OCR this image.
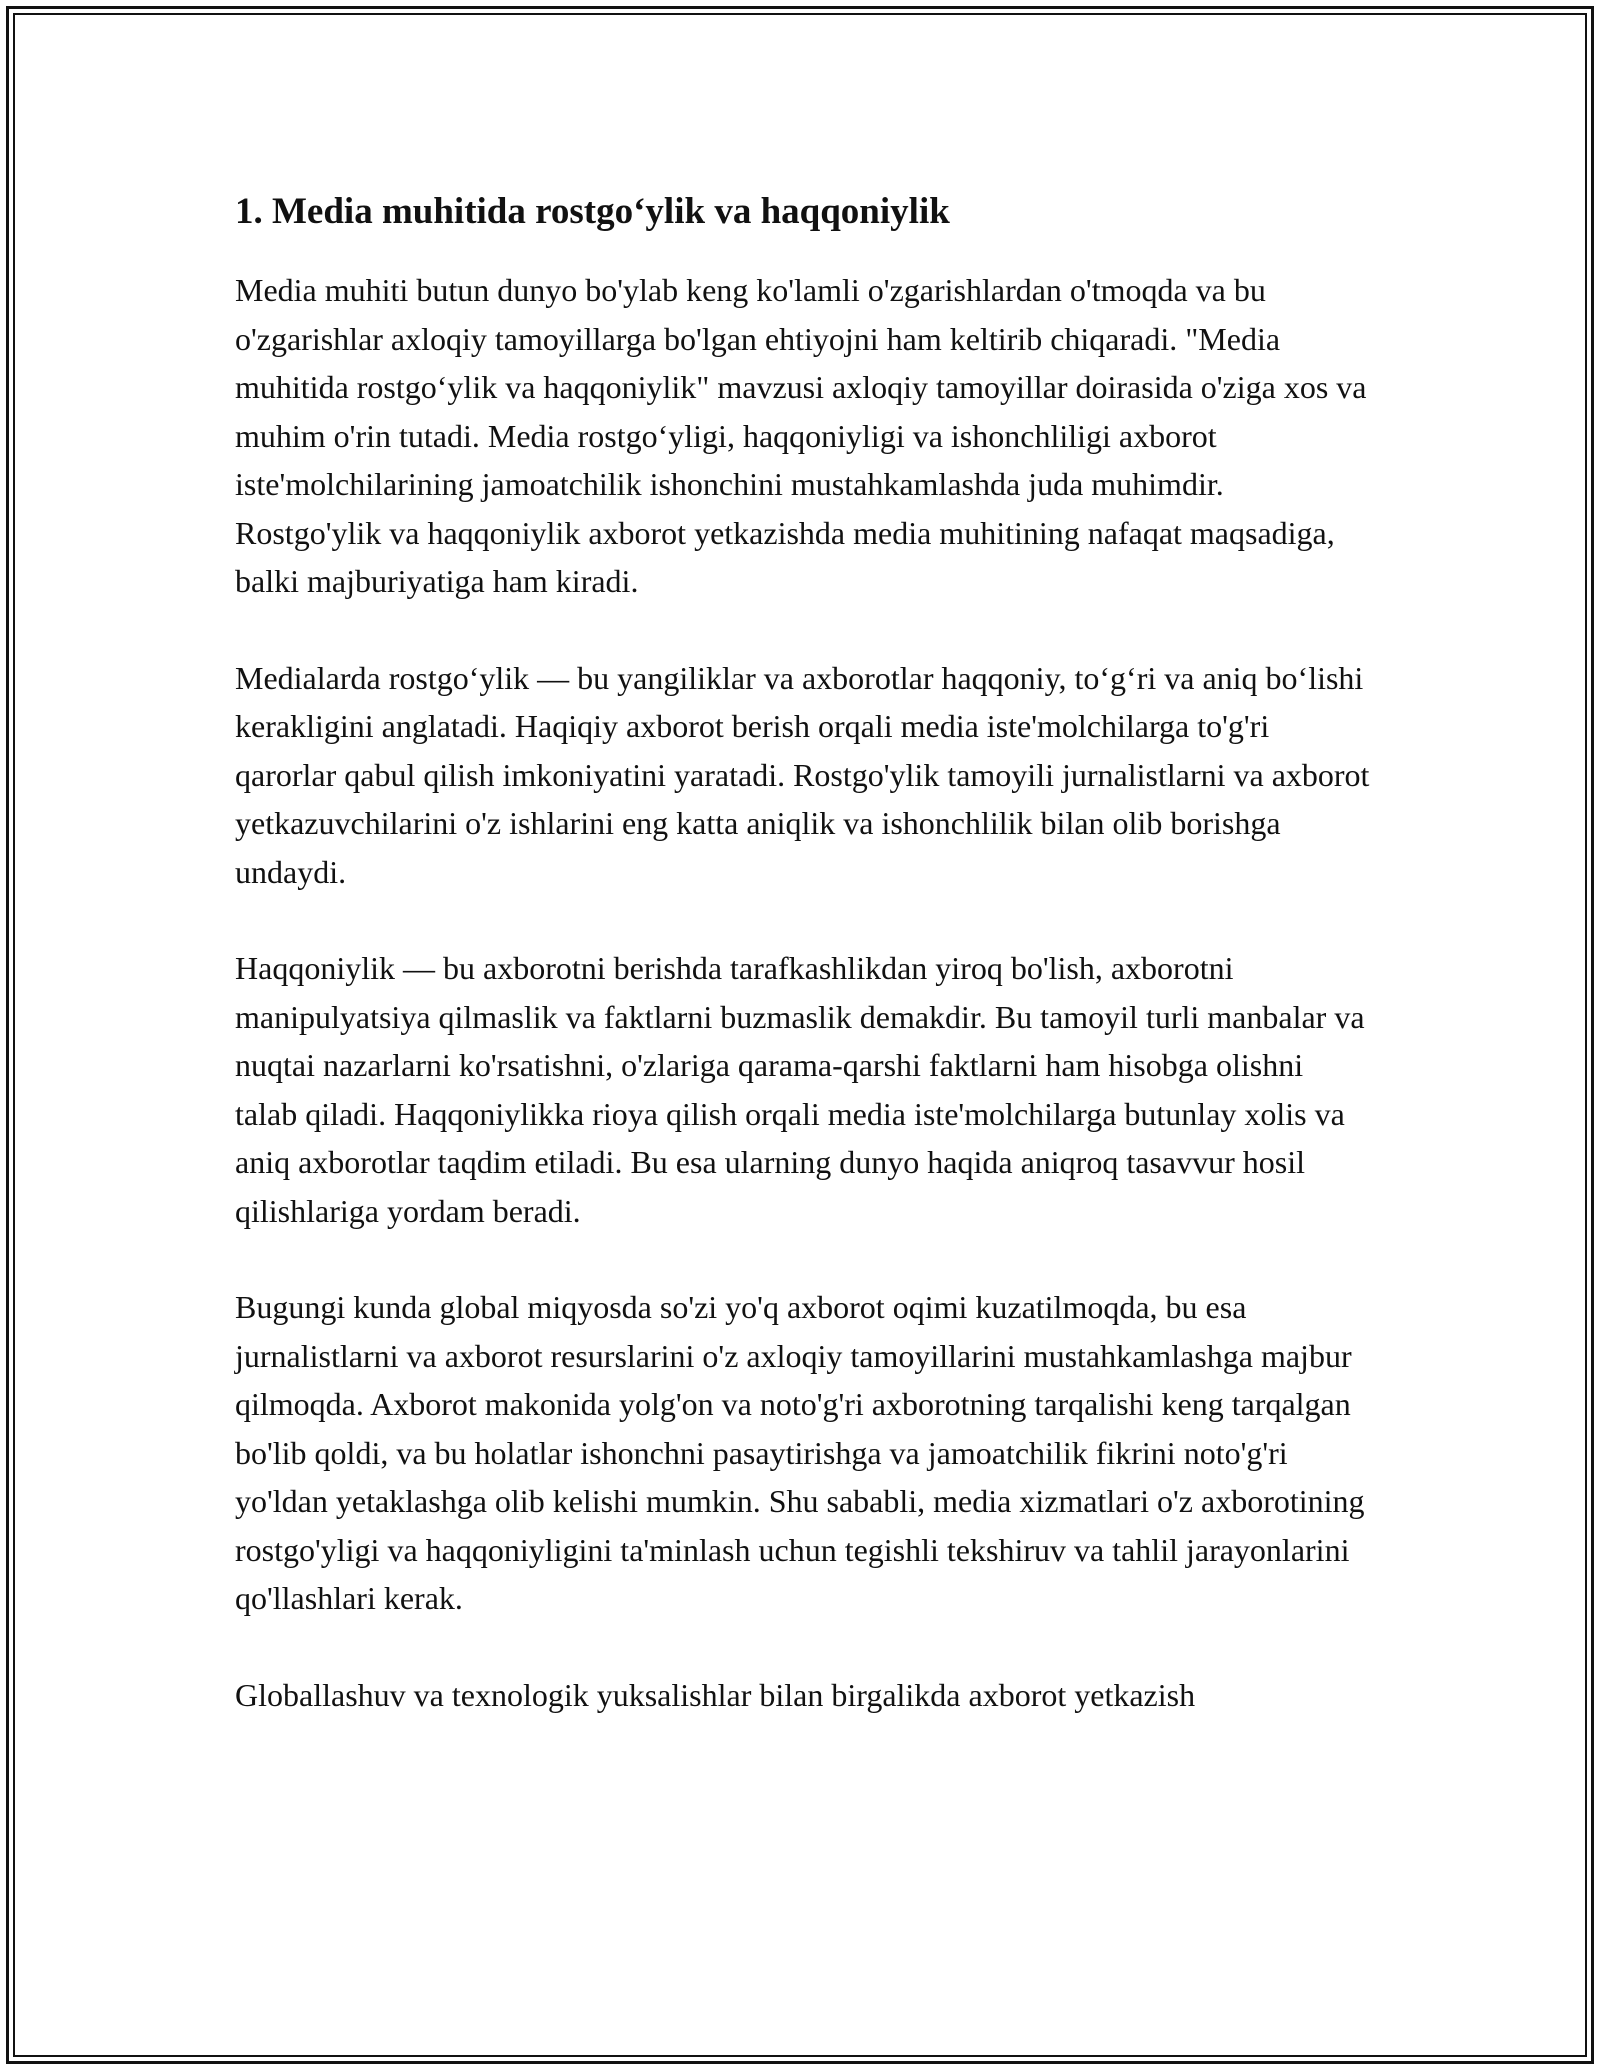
1. Media muhitida rostgo‘ylik va haqqoniylik

Media muhiti butun dunyo bo'ylab keng ko'lamli o'zgarishlardan o'tmoqda va bu o'zgarishlar axloqiy tamoyillarga bo'lgan ehtiyojni ham keltirib chiqaradi. "Media muhitida rostgo‘ylik va haqqoniylik" mavzusi axloqiy tamoyillar doirasida o'ziga xos va muhim o'rin tutadi. Media rostgo‘yligi, haqqoniyligi va ishonchliligi axborot iste'molchilarining jamoatchilik ishonchini mustahkamlashda juda muhimdir. Rostgo'ylik va haqqoniylik axborot yetkazishda media muhitining nafaqat maqsadiga, balki majburiyatiga ham kiradi.

Medialarda rostgo‘ylik — bu yangiliklar va axborotlar haqqoniy, to‘g‘ri va aniq bo‘lishi kerakligini anglatadi. Haqiqiy axborot berish orqali media iste'molchilarga to'g'ri qarorlar qabul qilish imkoniyatini yaratadi. Rostgo'ylik tamoyili jurnalistlarni va axborot yetkazuvchilarini o'z ishlarini eng katta aniqlik va ishonchlilik bilan olib borishga undaydi.

Haqqoniylik — bu axborotni berishda tarafkashlikdan yiroq bo'lish, axborotni manipulyatsiya qilmaslik va faktlarni buzmaslik demakdir. Bu tamoyil turli manbalar va nuqtai nazarlarni ko'rsatishni, o'zlariga qarama-qarshi faktlarni ham hisobga olishni talab qiladi. Haqqoniylikka rioya qilish orqali media iste'molchilarga butunlay xolis va aniq axborotlar taqdim etiladi. Bu esa ularning dunyo haqida aniqroq tasavvur hosil qilishlariga yordam beradi.

Bugungi kunda global miqyosda so'zi yo'q axborot oqimi kuzatilmoqda, bu esa jurnalistlarni va axborot resurslarini o'z axloqiy tamoyillarini mustahkamlashga majbur qilmoqda. Axborot makonida yolg'on va noto'g'ri axborotning tarqalishi keng tarqalgan bo'lib qoldi, va bu holatlar ishonchni pasaytirishga va jamoatchilik fikrini noto'g'ri yo'ldan yetaklashga olib kelishi mumkin. Shu sababli, media xizmatlari o'z axborotining rostgo'yligi va haqqoniyligini ta'minlash uchun tegishli tekshiruv va tahlil jarayonlarini qo'llashlari kerak.

Globallashuv va texnologik yuksalishlar bilan birgalikda axborot yetkazish
